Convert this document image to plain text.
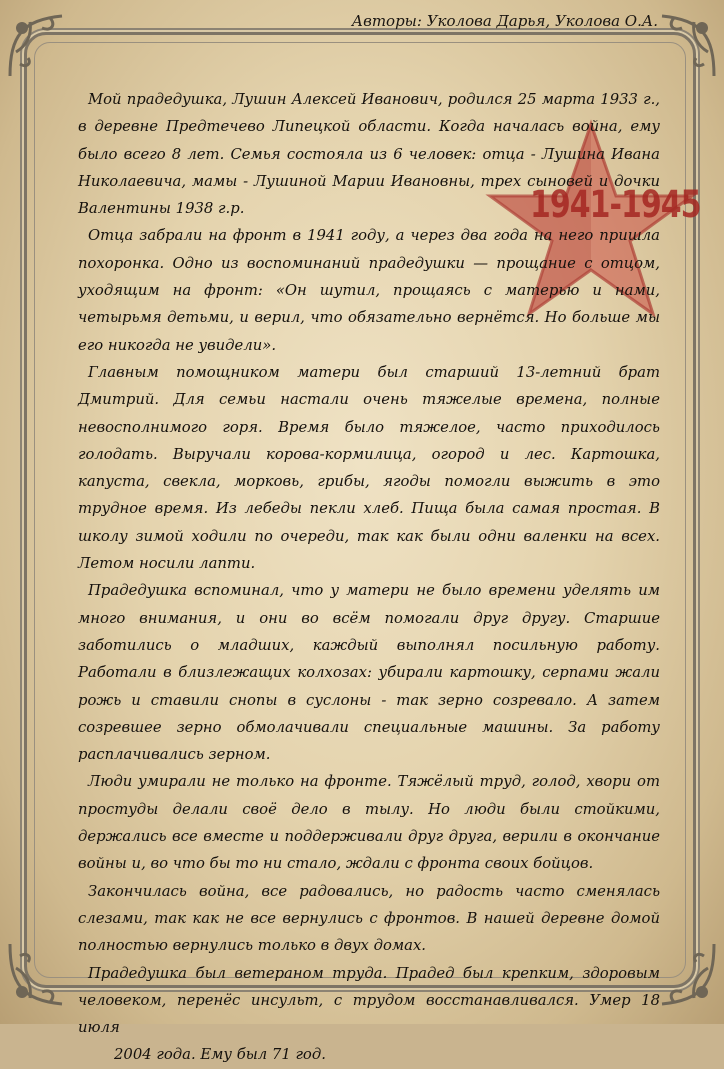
Авторы: Уколова Дарья, Уколова О.А.
1941-1945

Мой прадедушка, Лушин Алексей Иванович, родился 25 марта 1933 г., в деревне Предтечево Липецкой области. Когда началась война, ему было всего 8 лет. Семья состояла из 6 человек: отца - Лушина Ивана Николаевича, мамы - Лушиной Марии Ивановны, трех сыновей и дочки Валентины 1938 г.р.

Отца забрали на фронт в 1941 году, а через два года на него пришла похоронка. Одно из воспоминаний прадедушки — прощание с отцом, уходящим на фронт: «Он шутил, прощаясь с матерью и нами, четырьмя детьми, и верил, что обязательно вернётся. Но больше мы его никогда не увидели».

Главным помощником матери был старший 13-летний брат Дмитрий. Для семьи настали очень тяжелые времена, полные невосполнимого горя. Время было тяжелое, часто приходилось голодать. Выручали корова-кормилица, огород и лес. Картошка, капуста, свекла, морковь, грибы, ягоды помогли выжить в это трудное время. Из лебеды пекли хлеб. Пища была самая простая. В школу зимой ходили по очереди, так как были одни валенки на всех. Летом носили лапти.

Прадедушка вспоминал, что у матери не было времени уделять им много внимания, и они во всём помогали друг другу. Старшие заботились о младших, каждый выполнял посильную работу. Работали в близлежащих колхозах: убирали картошку, серпами жали рожь и ставили снопы в суслоны - так зерно созревало. А затем созревшее зерно обмолачивали специальные машины. За работу расплачивались зерном.

Люди умирали не только на фронте. Тяжёлый труд, голод, хвори от простуды делали своё дело в тылу. Но люди были стойкими, держались все вместе и поддерживали друг друга, верили в окончание войны и, во что бы то ни стало, ждали с фронта своих бойцов.

Закончилась война, все радовались, но радость часто сменялась слезами, так как не все вернулись с фронтов. В нашей деревне домой полностью вернулись только в двух домах.

Прадедушка был ветераном труда. Прадед был крепким, здоровым человеком, перенёс инсульт, с трудом восстанавливался. Умер 18 июля

2004 года. Ему был 71 год.
